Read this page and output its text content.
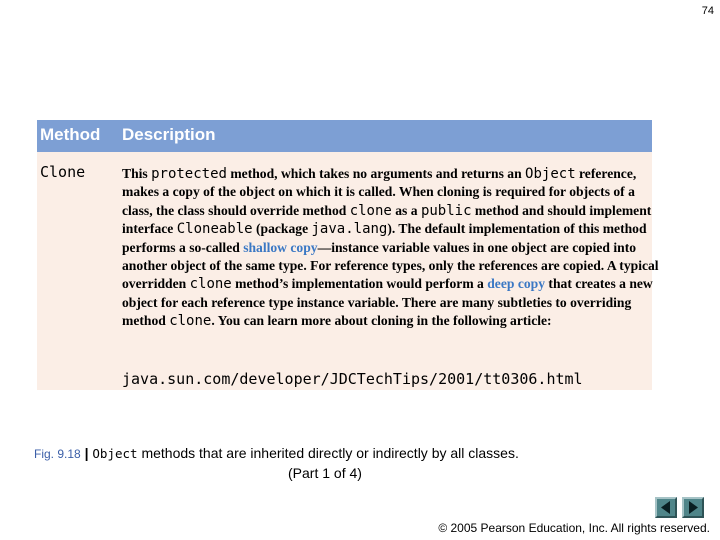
74
Method Description
Clone	This protected method, which takes no arguments and returns an Object reference, makes a copy of the object on which it is called. When cloning is required for objects of a class, the class should override method clone as a public method and should implement interface Cloneable (package java.lang). The default implementation of this method performs a so-called shallow copy—instance variable values in one object are copied into another object of the same type. For reference types, only the references are copied. A typical overridden clone method’s implementation would perform a deep copy that creates a new object for each reference type instance variable. There are many subtleties to overriding method clone. You can learn more about cloning in the following article:
java.sun.com/developer/JDCTechTips/2001/tt0306.html
Fig. 9.18 | Object methods that are inherited directly or indirectly by all classes.
(Part 1 of 4)
© 2005 Pearson Education, Inc. All rights reserved.
